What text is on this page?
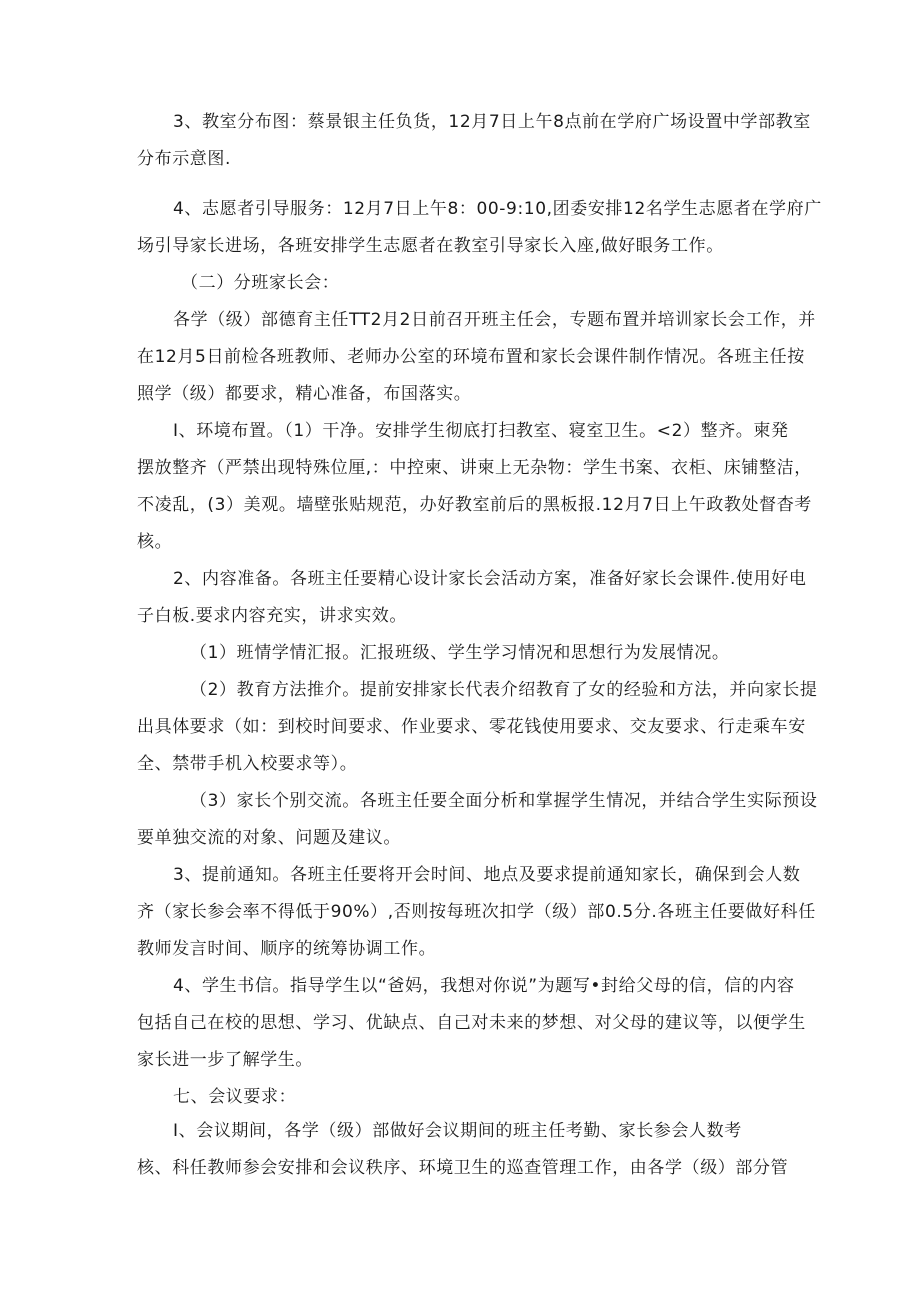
3、教室分布图：蔡景银主任负货，12月7日上午8点前在学府广场设置中学部教室
分布示意图.
4、志愿者引导服务：12月7日上午8：00-9:10,团委安排12名学生志愿者在学府广
场引导家长进场，各班安排学生志愿者在教室引导家长入座,做好眼务工作。
（二）分班家长会：
各学（级）部德育主任TT2月2日前召开班主任会，专题布置并培训家长会工作，并
在12月5日前检各班教师、老师办公室的环境布置和家长会课件制作情况。各班主任按
照学（级）都要求，精心准备，布国落实。
I、环境布置。（1）干净。安排学生彻底打扫教室、寝室卫生。<2）整齐。柬発
摆放整齐（严禁出现特殊位厘,：中控柬、讲柬上无杂物：学生书案、衣柜、床铺整洁，
不凌乱，(3）美观。墙壁张贴规范，办好教室前后的黑板报.12月7日上午政教处督杳考
核。
2、内容准备。各班主任要精心设计家长会活动方案，准备好家长会课件.使用好电
子白板.要求内容充实，讲求实效。
（1）班情学情汇报。汇报班级、学生学习情况和思想行为发展情况。
（2）教育方法推介。提前安排家长代表介绍教育了女的经验和方法，并向家长提
出具体要求（如：到校时间要求、作业要求、零花钱使用要求、交友要求、行走乘车安
全、禁带手机入校要求等）。
（3）家长个别交流。各班主任要全面分析和掌握学生情况，并结合学生实际预设
要单独交流的对象、问题及建议。
3、提前通知。各班主任要将开会时间、地点及要求提前通知家长，确保到会人数
齐（家长参会率不得低于90%）,否则按每班次扣学（级）部0.5分.各班主任要做好科任
教师发言时间、顺序的统筹协调工作。
4、学生书信。指导学生以“爸妈，我想对你说”为题写•封给父母的信，信的内容
包括自己在校的思想、学习、优缺点、自己对未来的梦想、对父母的建议等，以便学生
家长进一步了解学生。
七、会议要求：
I、会议期间，各学（级）部做好会议期间的班主任考勤、家长参会人数考
核、科任教师参会安排和会议秩序、环境卫生的巡查管理工作，由各学（级）部分管
